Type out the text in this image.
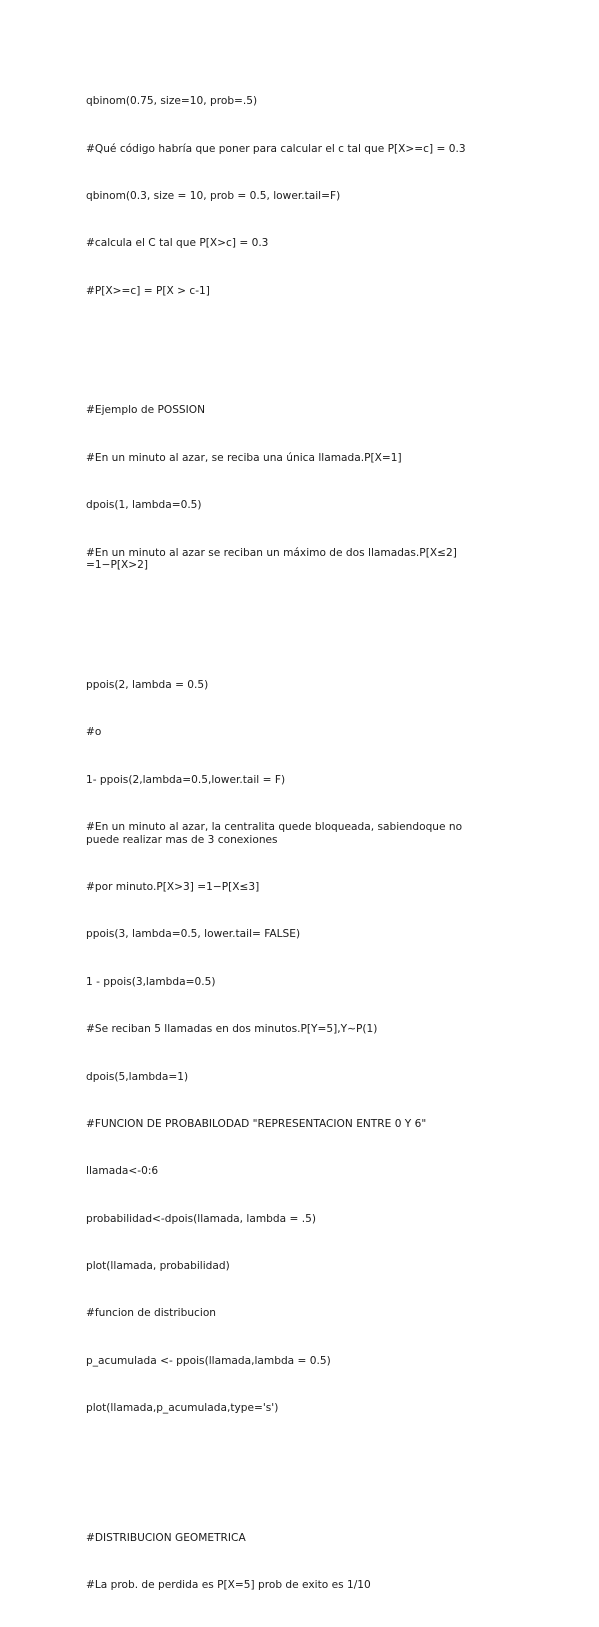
qbinom(0.75, size=10, prob=.5)

#Qué código habría que poner para calcular el c tal que P[X>=c] = 0.3

qbinom(0.3, size = 10, prob = 0.5, lower.tail=F)

#calcula el C tal que P[X>c] = 0.3

#P[X>=c] = P[X > c-1]

#Ejemplo de POSSION

#En un minuto al azar, se reciba una única llamada.P[X=1]

dpois(1, lambda=0.5)

#En un minuto al azar se reciban un máximo de dos llamadas.P[X≤2]
=1−P[X>2]

ppois(2, lambda = 0.5)

#o

1- ppois(2,lambda=0.5,lower.tail = F)

#En un minuto al azar, la centralita quede bloqueada, sabiendoque no
puede realizar mas de 3 conexiones

#por minuto.P[X>3] =1−P[X≤3]

ppois(3, lambda=0.5, lower.tail= FALSE)

1 - ppois(3,lambda=0.5)

#Se reciban 5 llamadas en dos minutos.P[Y=5],Y∼P(1)

dpois(5,lambda=1)

#FUNCION DE PROBABILODAD "REPRESENTACION ENTRE 0 Y 6"

llamada<-0:6

probabilidad<-dpois(llamada, lambda = .5)

plot(llamada, probabilidad)

#funcion de distribucion

p_acumulada <- ppois(llamada,lambda = 0.5)

plot(llamada,p_acumulada,type='s')

#DISTRIBUCION GEOMETRICA

#La prob. de perdida es P[X=5] prob de exito es 1/10
